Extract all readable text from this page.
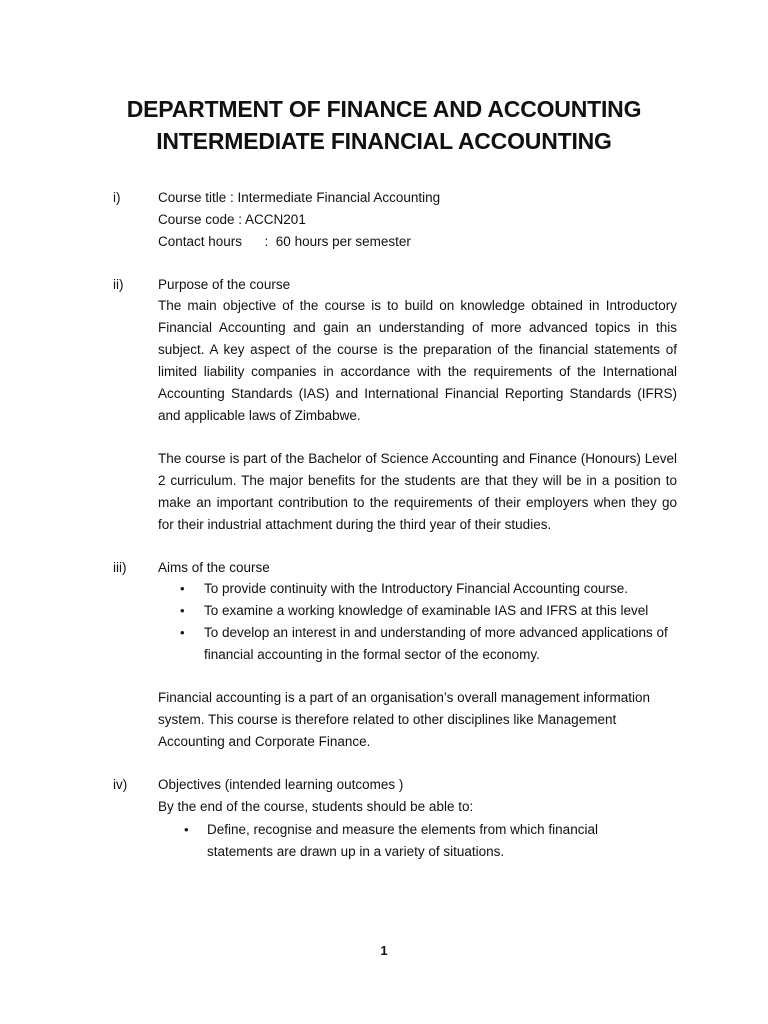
DEPARTMENT OF FINANCE AND ACCOUNTING
INTERMEDIATE FINANCIAL ACCOUNTING
i)	Course title : Intermediate Financial Accounting
Course code : ACCN201
Contact hours      :  60 hours per semester
ii)	Purpose of the course
The main objective of the course is to build on knowledge obtained in Introductory Financial Accounting and gain an understanding of more advanced topics in this subject. A key aspect of the course is the preparation of the financial statements of limited liability companies in accordance with the requirements of the International Accounting Standards (IAS) and International Financial Reporting Standards (IFRS) and applicable laws of Zimbabwe.
The course is part of the Bachelor of Science Accounting and Finance (Honours) Level 2 curriculum. The major benefits for the students are that they will be in a position to make an important contribution to the requirements of their employers when they go for their industrial attachment during the third year of their studies.
iii) Aims of the course
• To provide continuity with the Introductory Financial Accounting course.
• To examine a working knowledge of examinable IAS and IFRS at this level
• To develop an interest in and understanding of more advanced applications of   financial accounting in the formal sector of the economy.
Financial accounting is a part of an organisation’s overall management information system. This course is therefore related to other disciplines like Management Accounting and Corporate Finance.
iv) Objectives (intended learning outcomes )
By the end of the course, students should be able to:
• Define, recognise and measure the elements from which financial statements are drawn up in a variety of situations.
1
